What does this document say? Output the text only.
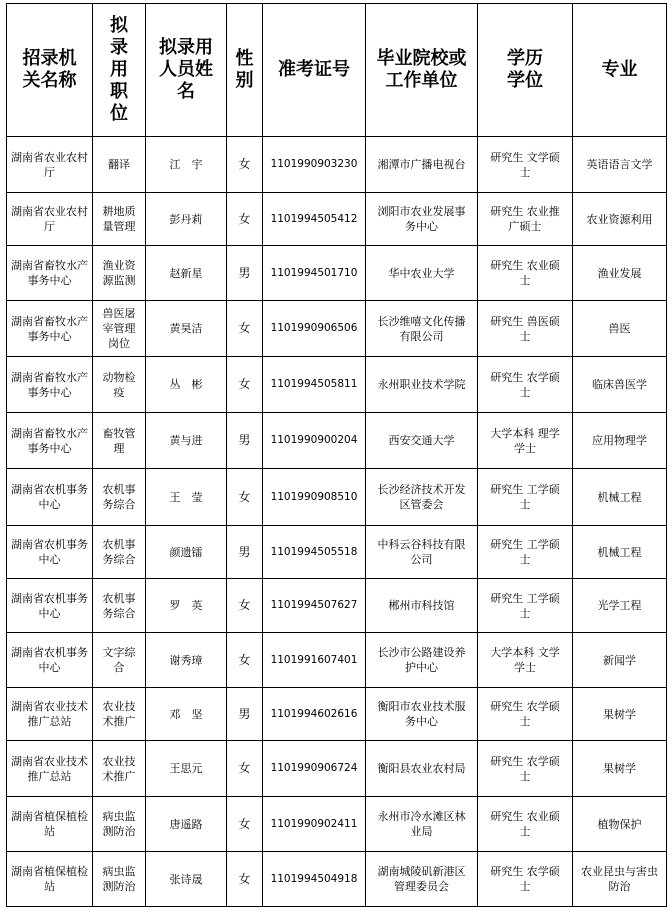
招录机关名称	拟录用职位	拟录用人员姓名	性别	准考证号	毕业院校或工作单位	学历学位	专业
湖南省农业农村厅	翻译	江　宇	女	1101990903230	湘潭市广播电视台	研究生 文学硕士	英语语言文学
湖南省农业农村厅	耕地质量管理	彭丹莉	女	1101994505412	浏阳市农业发展事务中心	研究生 农业推广硕士	农业资源利用
湖南省畜牧水产事务中心	渔业资源监测	赵新星	男	1101994501710	华中农业大学	研究生 农业硕士	渔业发展
湖南省畜牧水产事务中心	兽医屠宰管理岗位	黄昊洁	女	1101990906506	长沙维嘻文化传播有限公司	研究生 兽医硕士	兽医
湖南省畜牧水产事务中心	动物检疫	丛　彬	女	1101994505811	永州职业技术学院	研究生 农学硕士	临床兽医学
湖南省畜牧水产事务中心	畜牧管理	黄与进	男	1101990900204	西安交通大学	大学本科 理学学士	应用物理学
湖南省农机事务中心	农机事务综合	王　莹	女	1101990908510	长沙经济技术开发区管委会	研究生 工学硕士	机械工程
湖南省农机事务中心	农机事务综合	颜遗镭	男	1101994505518	中科云谷科技有限公司	研究生 工学硕士	机械工程
湖南省农机事务中心	农机事务综合	罗　英	女	1101994507627	郴州市科技馆	研究生 工学硕士	光学工程
湖南省农机事务中心	文字综合	谢秀璋	女	1101991607401	长沙市公路建设养护中心	大学本科 文学学士	新闻学
湖南省农业技术推广总站	农业技术推广	邓　坚	男	1101994602616	衡阳市农业技术服务中心	研究生 农学硕士	果树学
湖南省农业技术推广总站	农业技术推广	王思元	女	1101990906724	衡阳县农业农村局	研究生 农学硕士	果树学
湖南省植保植检站	病虫监测防治	唐遥路	女	1101990902411	永州市冷水滩区林业局	研究生 农业硕士	植物保护
湖南省植保植检站	病虫监测防治	张诗晟	女	1101994504918	湖南城陵矶新港区管理委员会	研究生 农学硕士	农业昆虫与害虫防治
